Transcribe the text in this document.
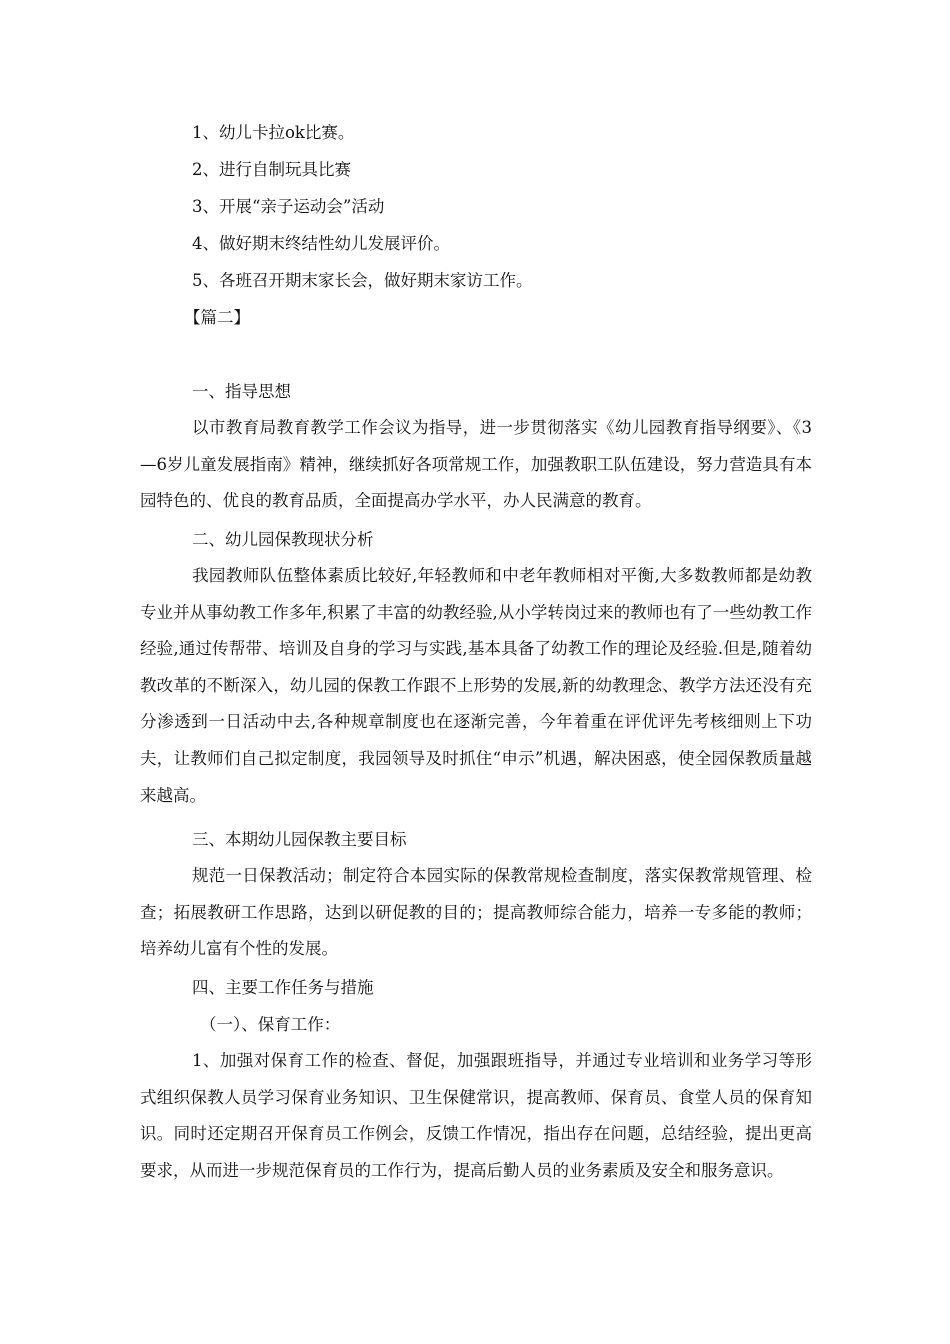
1、幼儿卡拉ok比赛。
2、进行自制玩具比赛
3、开展“亲子运动会”活动
4、做好期末终结性幼儿发展评价。
5、各班召开期末家长会，做好期末家访工作。
【篇二】
一、指导思想
以市教育局教育教学工作会议为指导，进一步贯彻落实《幼儿园教育指导纲要》、《3—6岁儿童发展指南》精神，继续抓好各项常规工作，加强教职工队伍建设，努力营造具有本园特色的、优良的教育品质，全面提高办学水平，办人民满意的教育。
二、幼儿园保教现状分析
我园教师队伍整体素质比较好,年轻教师和中老年教师相对平衡,大多数教师都是幼教专业并从事幼教工作多年,积累了丰富的幼教经验,从小学转岗过来的教师也有了一些幼教工作经验,通过传帮带、培训及自身的学习与实践,基本具备了幼教工作的理论及经验.但是,随着幼教改革的不断深入，幼儿园的保教工作跟不上形势的发展,新的幼教理念、教学方法还没有充分渗透到一日活动中去,各种规章制度也在逐渐完善，今年着重在评优评先考核细则上下功夫，让教师们自己拟定制度，我园领导及时抓住“申示”机遇，解决困惑，使全园保教质量越来越高。
三、本期幼儿园保教主要目标
规范一日保教活动；制定符合本园实际的保教常规检查制度，落实保教常规管理、检查；拓展教研工作思路，达到以研促教的目的；提高教师综合能力，培养一专多能的教师；培养幼儿富有个性的发展。
四、主要工作任务与措施
（一）、保育工作：
1、加强对保育工作的检查、督促，加强跟班指导，并通过专业培训和业务学习等形式组织保教人员学习保育业务知识、卫生保健常识，提高教师、保育员、食堂人员的保育知识。同时还定期召开保育员工作例会，反馈工作情况，指出存在问题，总结经验，提出更高要求，从而进一步规范保育员的工作行为，提高后勤人员的业务素质及安全和服务意识。
